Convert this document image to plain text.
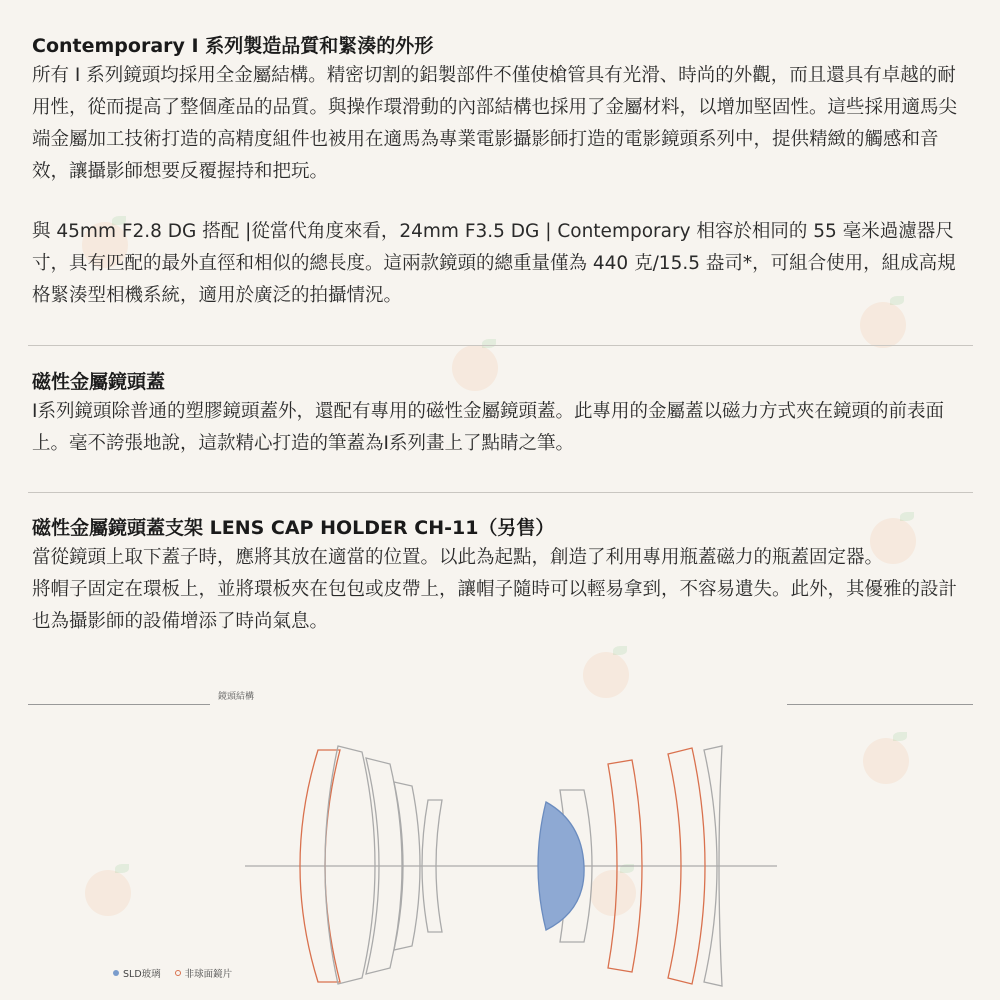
Contemporary I 系列製造品質和緊湊的外形

所有 I 系列鏡頭均採用全金屬結構。精密切割的鋁製部件不僅使槍管具有光滑、時尚的外觀，而且還具有卓越的耐用性，從而提高了整個產品的品質。與操作環滑動的內部結構也採用了金屬材料，以增加堅固性。這些採用適馬尖端金屬加工技術打造的高精度組件也被用在適馬為專業電影攝影師打造的電影鏡頭系列中，提供精緻的觸感和音效，讓攝影師想要反覆握持和把玩。

與 45mm F2.8 DG 搭配 |從當代角度來看，24mm F3.5 DG | Contemporary 相容於相同的 55 毫米過濾器尺寸，具有匹配的最外直徑和相似的總長度。這兩款鏡頭的總重量僅為 440 克/15.5 盎司*，可組合使用，組成高規格緊湊型相機系統，適用於廣泛的拍攝情況。

磁性金屬鏡頭蓋

I系列鏡頭除普通的塑膠鏡頭蓋外，還配有專用的磁性金屬鏡頭蓋。此專用的金屬蓋以磁力方式夾在鏡頭的前表面上。毫不誇張地說，這款精心打造的筆蓋為I系列畫上了點睛之筆。

磁性金屬鏡頭蓋支架 LENS CAP HOLDER CH-11（另售）

當從鏡頭上取下蓋子時，應將其放在適當的位置。以此為起點，創造了利用專用瓶蓋磁力的瓶蓋固定器。

將帽子固定在環板上，並將環板夾在包包或皮帶上，讓帽子隨時可以輕易拿到，不容易遺失。此外，其優雅的設計也為攝影師的設備增添了時尚氣息。

鏡頭結構
SLD玻璃	非球面鏡片
